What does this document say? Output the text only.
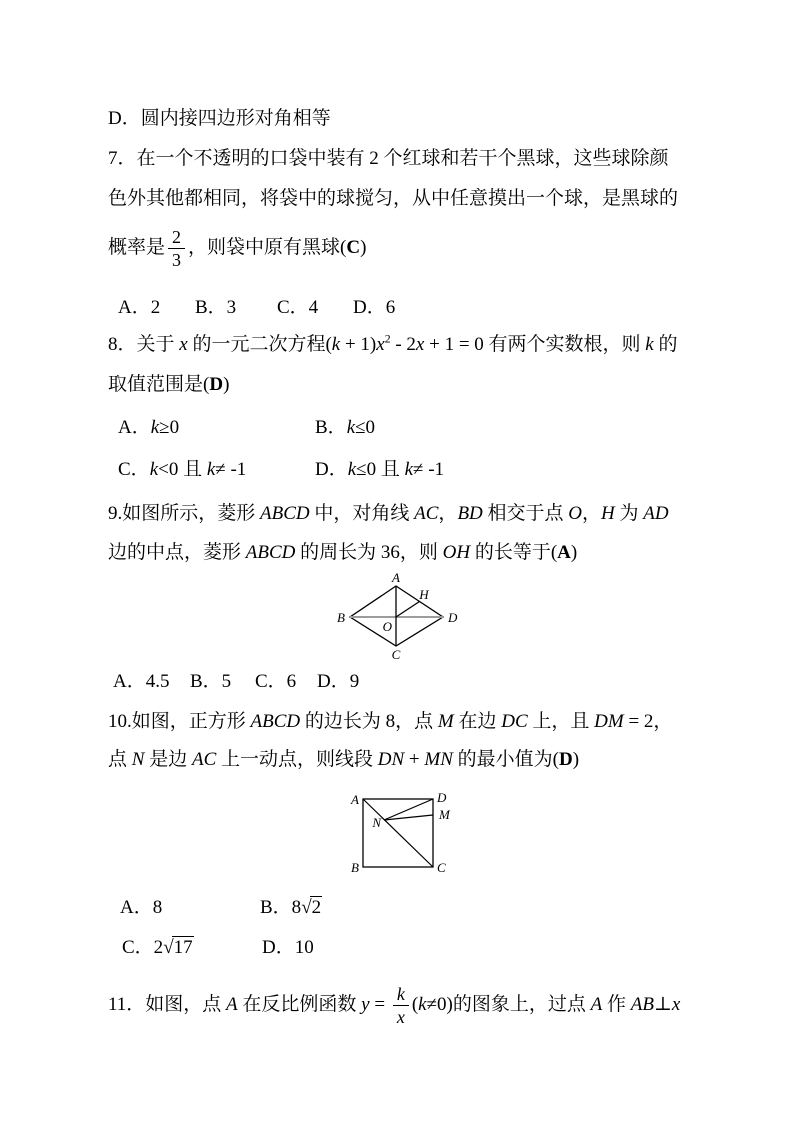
D．圆内接四边形对角相等
7．在一个不透明的口袋中装有 2 个红球和若干个黑球，这些球除颜
色外其他都相同，将袋中的球搅匀，从中任意摸出一个球，是黑球的
概率是 $\frac{2}{3}$ ，则袋中原有黑球(C)
A．2 B．3 C．4 D．6
8．关于 x 的一元二次方程$(k + 1)x^2 - 2x + 1 = 0$ 有两个实数根，则 k 的
取值范围是(D)
A．k≥0	B．k≤0
C．k<0 且 k≠ -1	D．k≤0 且 k≠ -1
9.如图所示，菱形 ABCD 中，对角线 AC，BD 相交于点 O，H 为 AD
边的中点，菱形 ABCD 的周长为 36，则 OH 的长等于(A)
A
B	D
C
O
H
A．4.5 B．5 C．6 D．9
10.如图，正方形 ABCD 的边长为 8，点 M 在边 DC 上，且 DM = 2，
点 N 是边 AC 上一动点，则线段 DN + MN 的最小值为(D)
A	D
B	C
M
N
A．8	B．8√2
C．2√17	D．10
11．如图，点 A 在反比例函数 $y = \frac{k}{x} (k\ne 0)$的图象上，过点 A 作 AB⊥x
